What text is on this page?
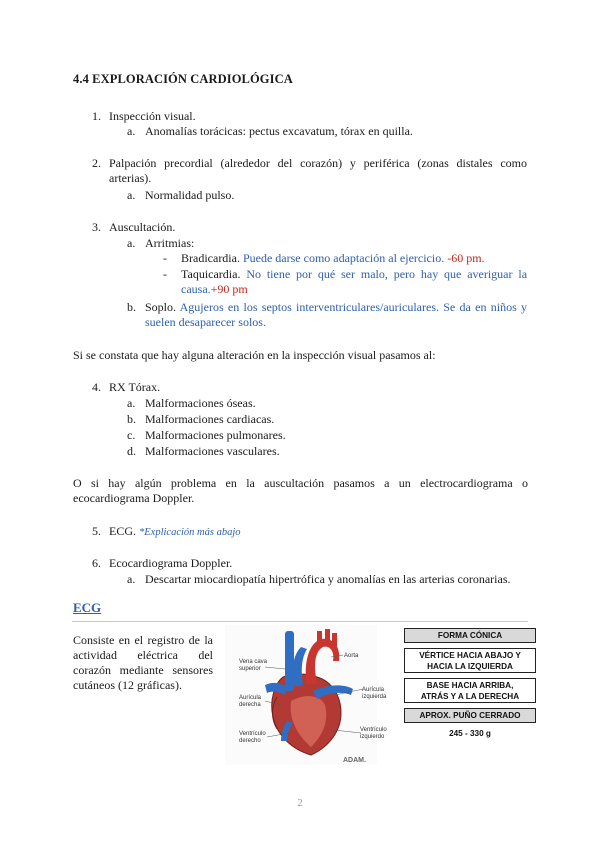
4.4 EXPLORACIÓN CARDIOLÓGICA
1. Inspección visual.
a. Anomalías torácicas: pectus excavatum, tórax en quilla.
2. Palpación precordial (alrededor del corazón) y periférica (zonas distales como arterias).
a. Normalidad pulso.
3. Auscultación.
a. Arritmias:
- Bradicardia. Puede darse como adaptación al ejercicio. -60 pm.
- Taquicardia. No tiene por qué ser malo, pero hay que averiguar la causa.+90 pm
b. Soplo. Agujeros en los septos interventriculares/auriculares. Se da en niños y suelen desaparecer solos.
Si se constata que hay alguna alteración en la inspección visual pasamos al:
4. RX Tórax.
a. Malformaciones óseas.
b. Malformaciones cardiacas.
c. Malformaciones pulmonares.
d. Malformaciones vasculares.
O si hay algún problema en la auscultación pasamos a un electrocardiograma o ecocardiograma Doppler.
5. ECG. *Explicación más abajo
6. Ecocardiograma Doppler.
a. Descartar miocardiopatía hipertrófica y anomalías en las arterias coronarias.
ECG
Consiste en el registro de la actividad eléctrica del corazón mediante sensores cutáneos (12 gráficas).
Vena cava
superior
Aorta
Aurícula
izquierda
Aurícula
derecha
Ventrículo
derecho
Ventrículo
izquierdo
ADAM.
FORMA CÓNICA
VÉRTICE HACIA ABAJO Y HACIA LA IZQUIERDA
BASE HACIA ARRIBA, ATRÁS Y A LA DERECHA
APROX. PUÑO CERRADO
245 - 330 g
2
